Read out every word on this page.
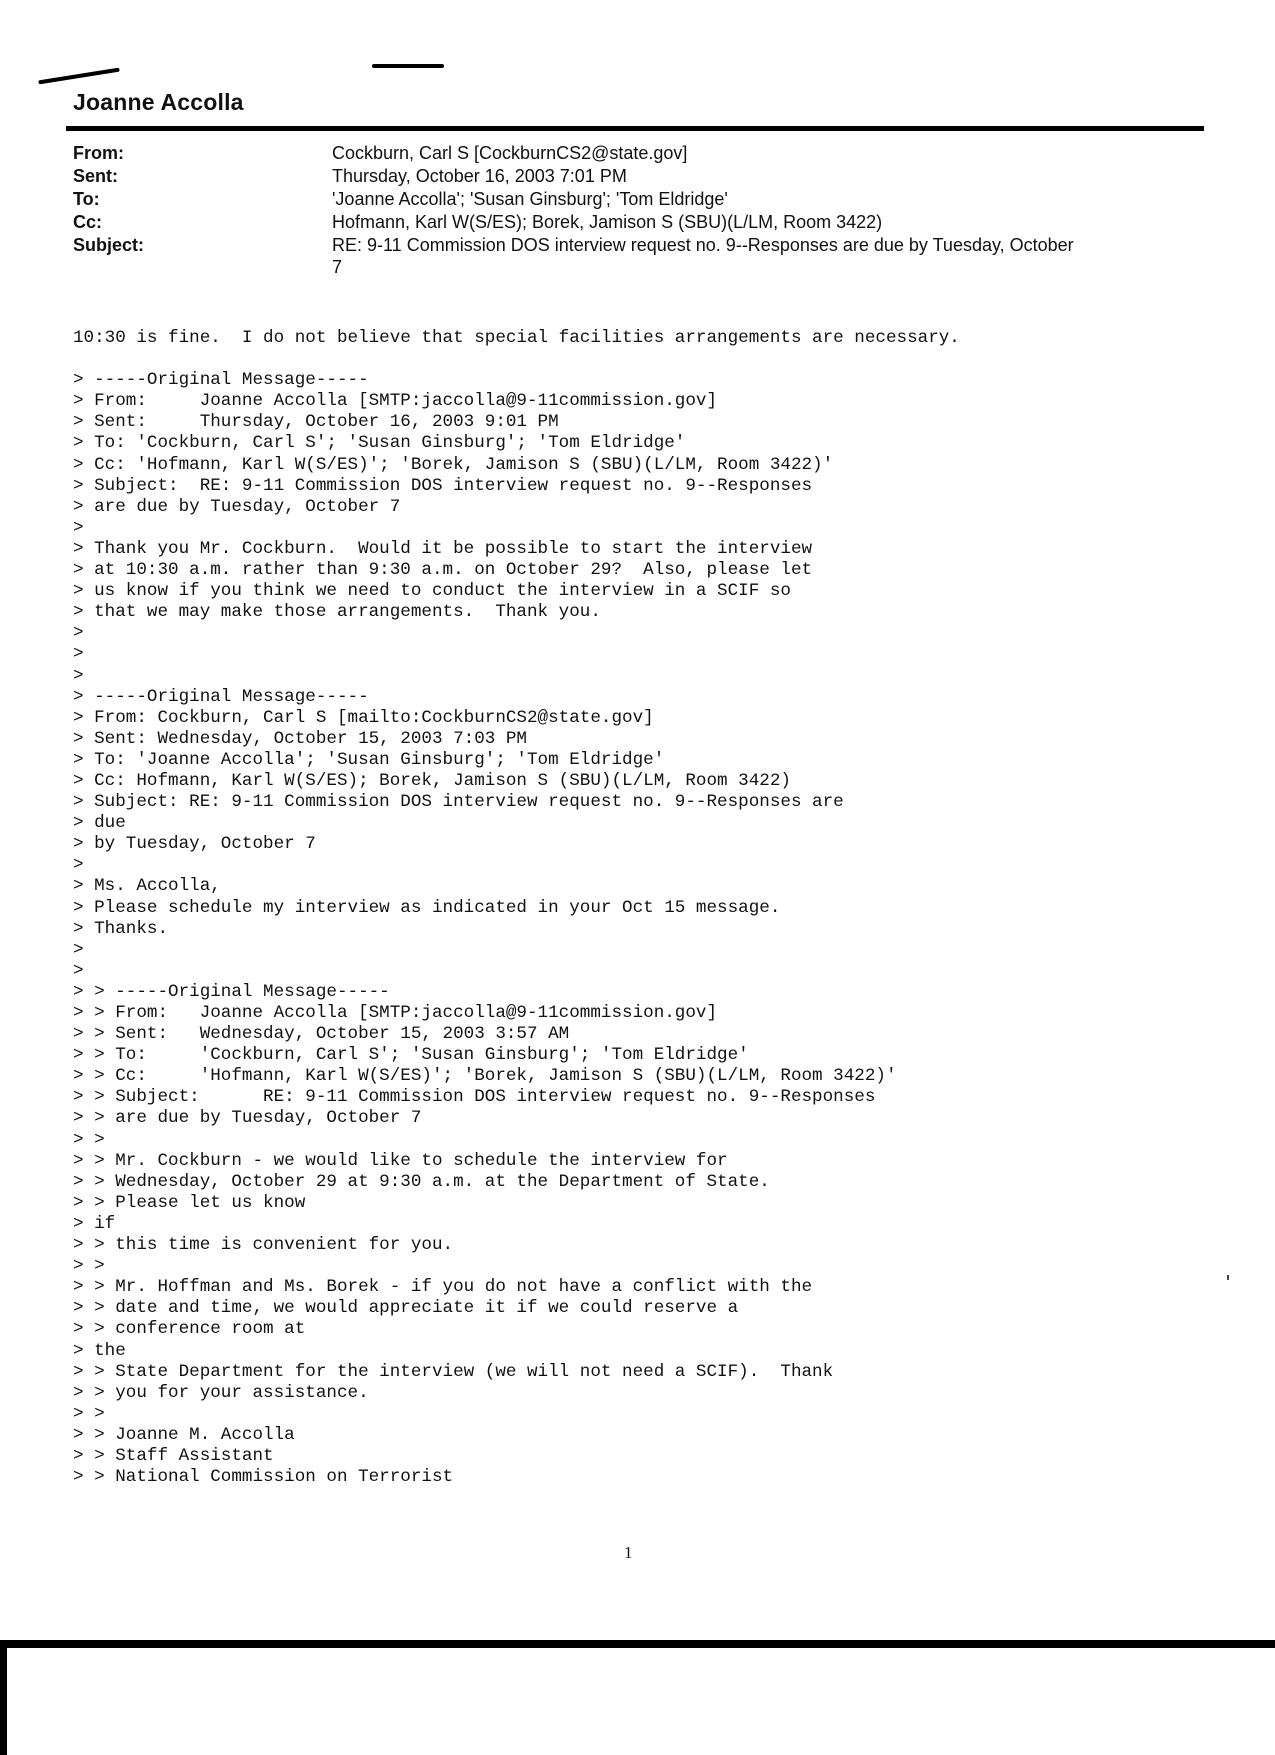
Joanne Accolla
From:	Cockburn, Carl S [CockburnCS2@state.gov]
Sent:	Thursday, October 16, 2003 7:01 PM
To:	'Joanne Accolla'; 'Susan Ginsburg'; 'Tom Eldridge'
Cc:	Hofmann, Karl W(S/ES); Borek, Jamison S (SBU)(L/LM, Room 3422)
Subject:	RE: 9-11 Commission DOS interview request no. 9--Responses are due by Tuesday, October
7
10:30 is fine.  I do not believe that special facilities arrangements are necessary.

> -----Original Message-----
> From:     Joanne Accolla [SMTP:jaccolla@9-11commission.gov]
> Sent:     Thursday, October 16, 2003 9:01 PM
> To: 'Cockburn, Carl S'; 'Susan Ginsburg'; 'Tom Eldridge'
> Cc: 'Hofmann, Karl W(S/ES)'; 'Borek, Jamison S (SBU)(L/LM, Room 3422)'
> Subject:  RE: 9-11 Commission DOS interview request no. 9--Responses
> are due by Tuesday, October 7
>
> Thank you Mr. Cockburn.  Would it be possible to start the interview
> at 10:30 a.m. rather than 9:30 a.m. on October 29?  Also, please let
> us know if you think we need to conduct the interview in a SCIF so
> that we may make those arrangements.  Thank you.
>
>
>
> -----Original Message-----
> From: Cockburn, Carl S [mailto:CockburnCS2@state.gov]
> Sent: Wednesday, October 15, 2003 7:03 PM
> To: 'Joanne Accolla'; 'Susan Ginsburg'; 'Tom Eldridge'
> Cc: Hofmann, Karl W(S/ES); Borek, Jamison S (SBU)(L/LM, Room 3422)
> Subject: RE: 9-11 Commission DOS interview request no. 9--Responses are
> due
> by Tuesday, October 7
>
> Ms. Accolla,
> Please schedule my interview as indicated in your Oct 15 message.
> Thanks.
>
>
> > -----Original Message-----
> > From:   Joanne Accolla [SMTP:jaccolla@9-11commission.gov]
> > Sent:   Wednesday, October 15, 2003 3:57 AM
> > To:     'Cockburn, Carl S'; 'Susan Ginsburg'; 'Tom Eldridge'
> > Cc:     'Hofmann, Karl W(S/ES)'; 'Borek, Jamison S (SBU)(L/LM, Room 3422)'
> > Subject:      RE: 9-11 Commission DOS interview request no. 9--Responses
> > are due by Tuesday, October 7
> >
> > Mr. Cockburn - we would like to schedule the interview for
> > Wednesday, October 29 at 9:30 a.m. at the Department of State.
> > Please let us know
> if
> > this time is convenient for you.
> >
> > Mr. Hoffman and Ms. Borek - if you do not have a conflict with the
> > date and time, we would appreciate it if we could reserve a
> > conference room at
> the
> > State Department for the interview (we will not need a SCIF).  Thank
> > you for your assistance.
> >
> > Joanne M. Accolla
> > Staff Assistant
> > National Commission on Terrorist
1
